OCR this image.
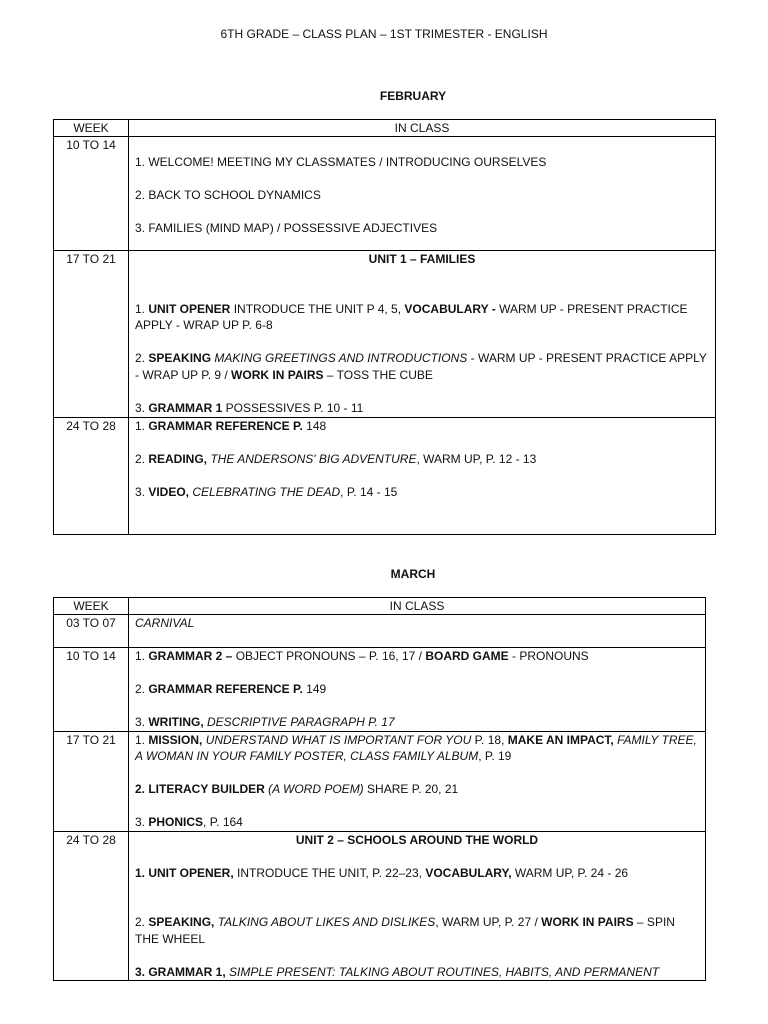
6TH GRADE – CLASS PLAN – 1ST TRIMESTER - ENGLISH
FEBRUARY
WEEK	IN CLASS
10 TO 14	1. WELCOME! MEETING MY CLASSMATES / INTRODUCING OURSELVES

2. BACK TO SCHOOL DYNAMICS

3. FAMILIES (MIND MAP) / POSSESSIVE ADJECTIVES

17 TO 21	UNIT 1 – FAMILIES

1. UNIT OPENER INTRODUCE THE UNIT P 4, 5, VOCABULARY - WARM UP - PRESENT PRACTICE APPLY - WRAP UP P. 6-8

2. SPEAKING MAKING GREETINGS AND INTRODUCTIONS - WARM UP - PRESENT PRACTICE APPLY - WRAP UP P. 9 / WORK IN PAIRS – TOSS THE CUBE

3. GRAMMAR 1 POSSESSIVES P. 10 - 11

24 TO 28	1. GRAMMAR REFERENCE P. 148

2. READING, THE ANDERSONS' BIG ADVENTURE, WARM UP, P. 12 - 13

3. VIDEO, CELEBRATING THE DEAD, P. 14 - 15

MARCH
WEEK	IN CLASS
03 TO 07	CARNIVAL
10 TO 14	1. GRAMMAR 2 – OBJECT PRONOUNS – P. 16, 17 / BOARD GAME - PRONOUNS

2. GRAMMAR REFERENCE P. 149

3. WRITING, DESCRIPTIVE PARAGRAPH P. 17

17 TO 21	1. MISSION, UNDERSTAND WHAT IS IMPORTANT FOR YOU P. 18, MAKE AN IMPACT, FAMILY TREE, A WOMAN IN YOUR FAMILY POSTER, CLASS FAMILY ALBUM, P. 19

2. LITERACY BUILDER (A WORD POEM) SHARE P. 20, 21

3. PHONICS, P. 164

24 TO 28	UNIT 2 – SCHOOLS AROUND THE WORLD

1. UNIT OPENER, INTRODUCE THE UNIT, P. 22–23, VOCABULARY, WARM UP, P. 24 - 26

2. SPEAKING, TALKING ABOUT LIKES AND DISLIKES, WARM UP, P. 27 / WORK IN PAIRS – SPIN THE WHEEL

3. GRAMMAR 1, SIMPLE PRESENT: TALKING ABOUT ROUTINES, HABITS, AND PERMANENT
